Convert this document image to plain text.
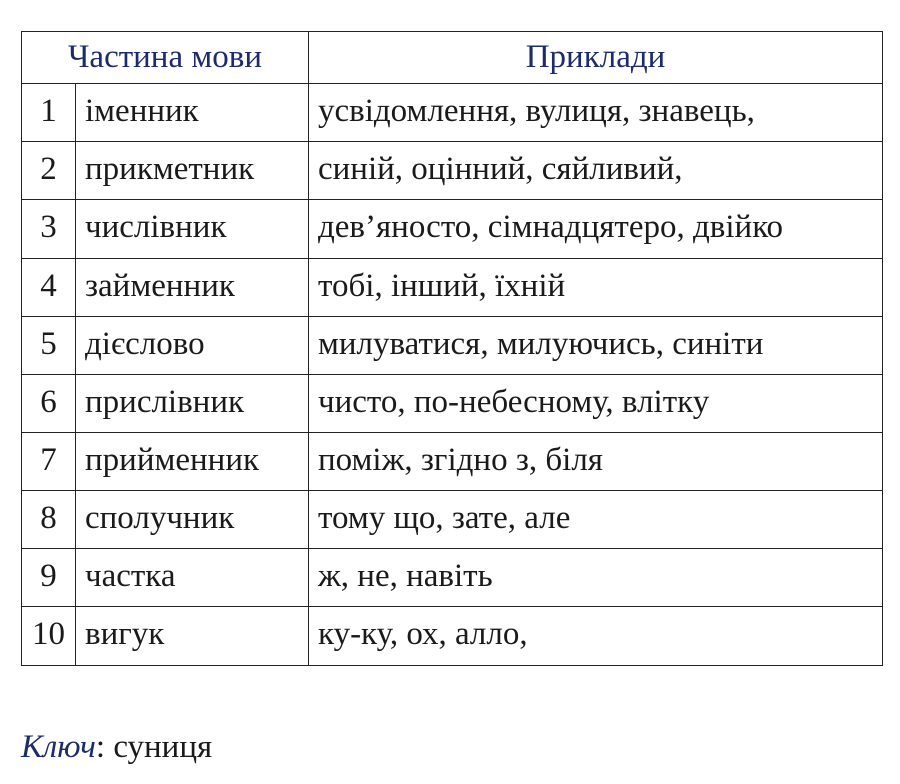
Частина мови		Приклади
1	іменник	усвідомлення, вулиця, знавець,
2	прикметник	синій, оцінний, сяйливий,
3	числівник	дев’яносто, сімнадцятеро, двійко
4	займенник	тобі, інший, їхній
5	дієслово	милуватися, милуючись, синіти
6	прислівник	чисто, по-небесному, влітку
7	прийменник	поміж, згідно з, біля
8	сполучник	тому що, зате, але
9	частка	ж, не, навіть
10	вигук	ку-ку, ох, алло,
Ключ: суниця
